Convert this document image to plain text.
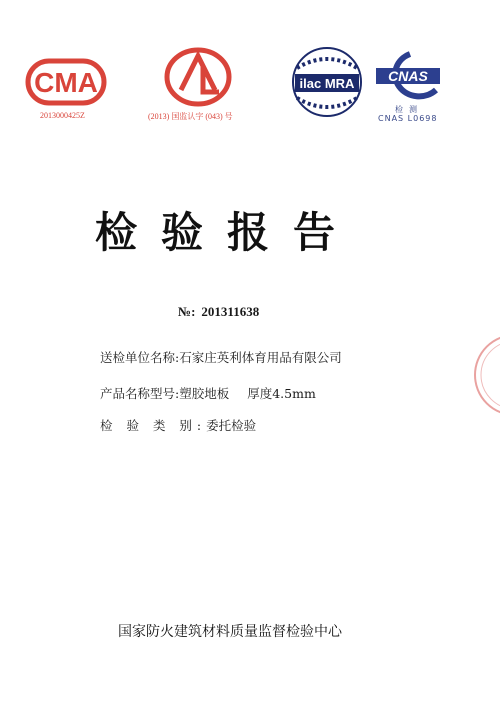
CMA
2013000425Z	(2013) 国监认字 (043) 号
ilac MRA CNAS
检测
CNAS L0698
检验报告
№: 201311638
送检单位名称:石家庄英利体育用品有限公司
产品名称型号:塑胶地板 厚度4.5mm
检 验 类 别:委托检验
国家防火建筑材料质量监督检验中心
